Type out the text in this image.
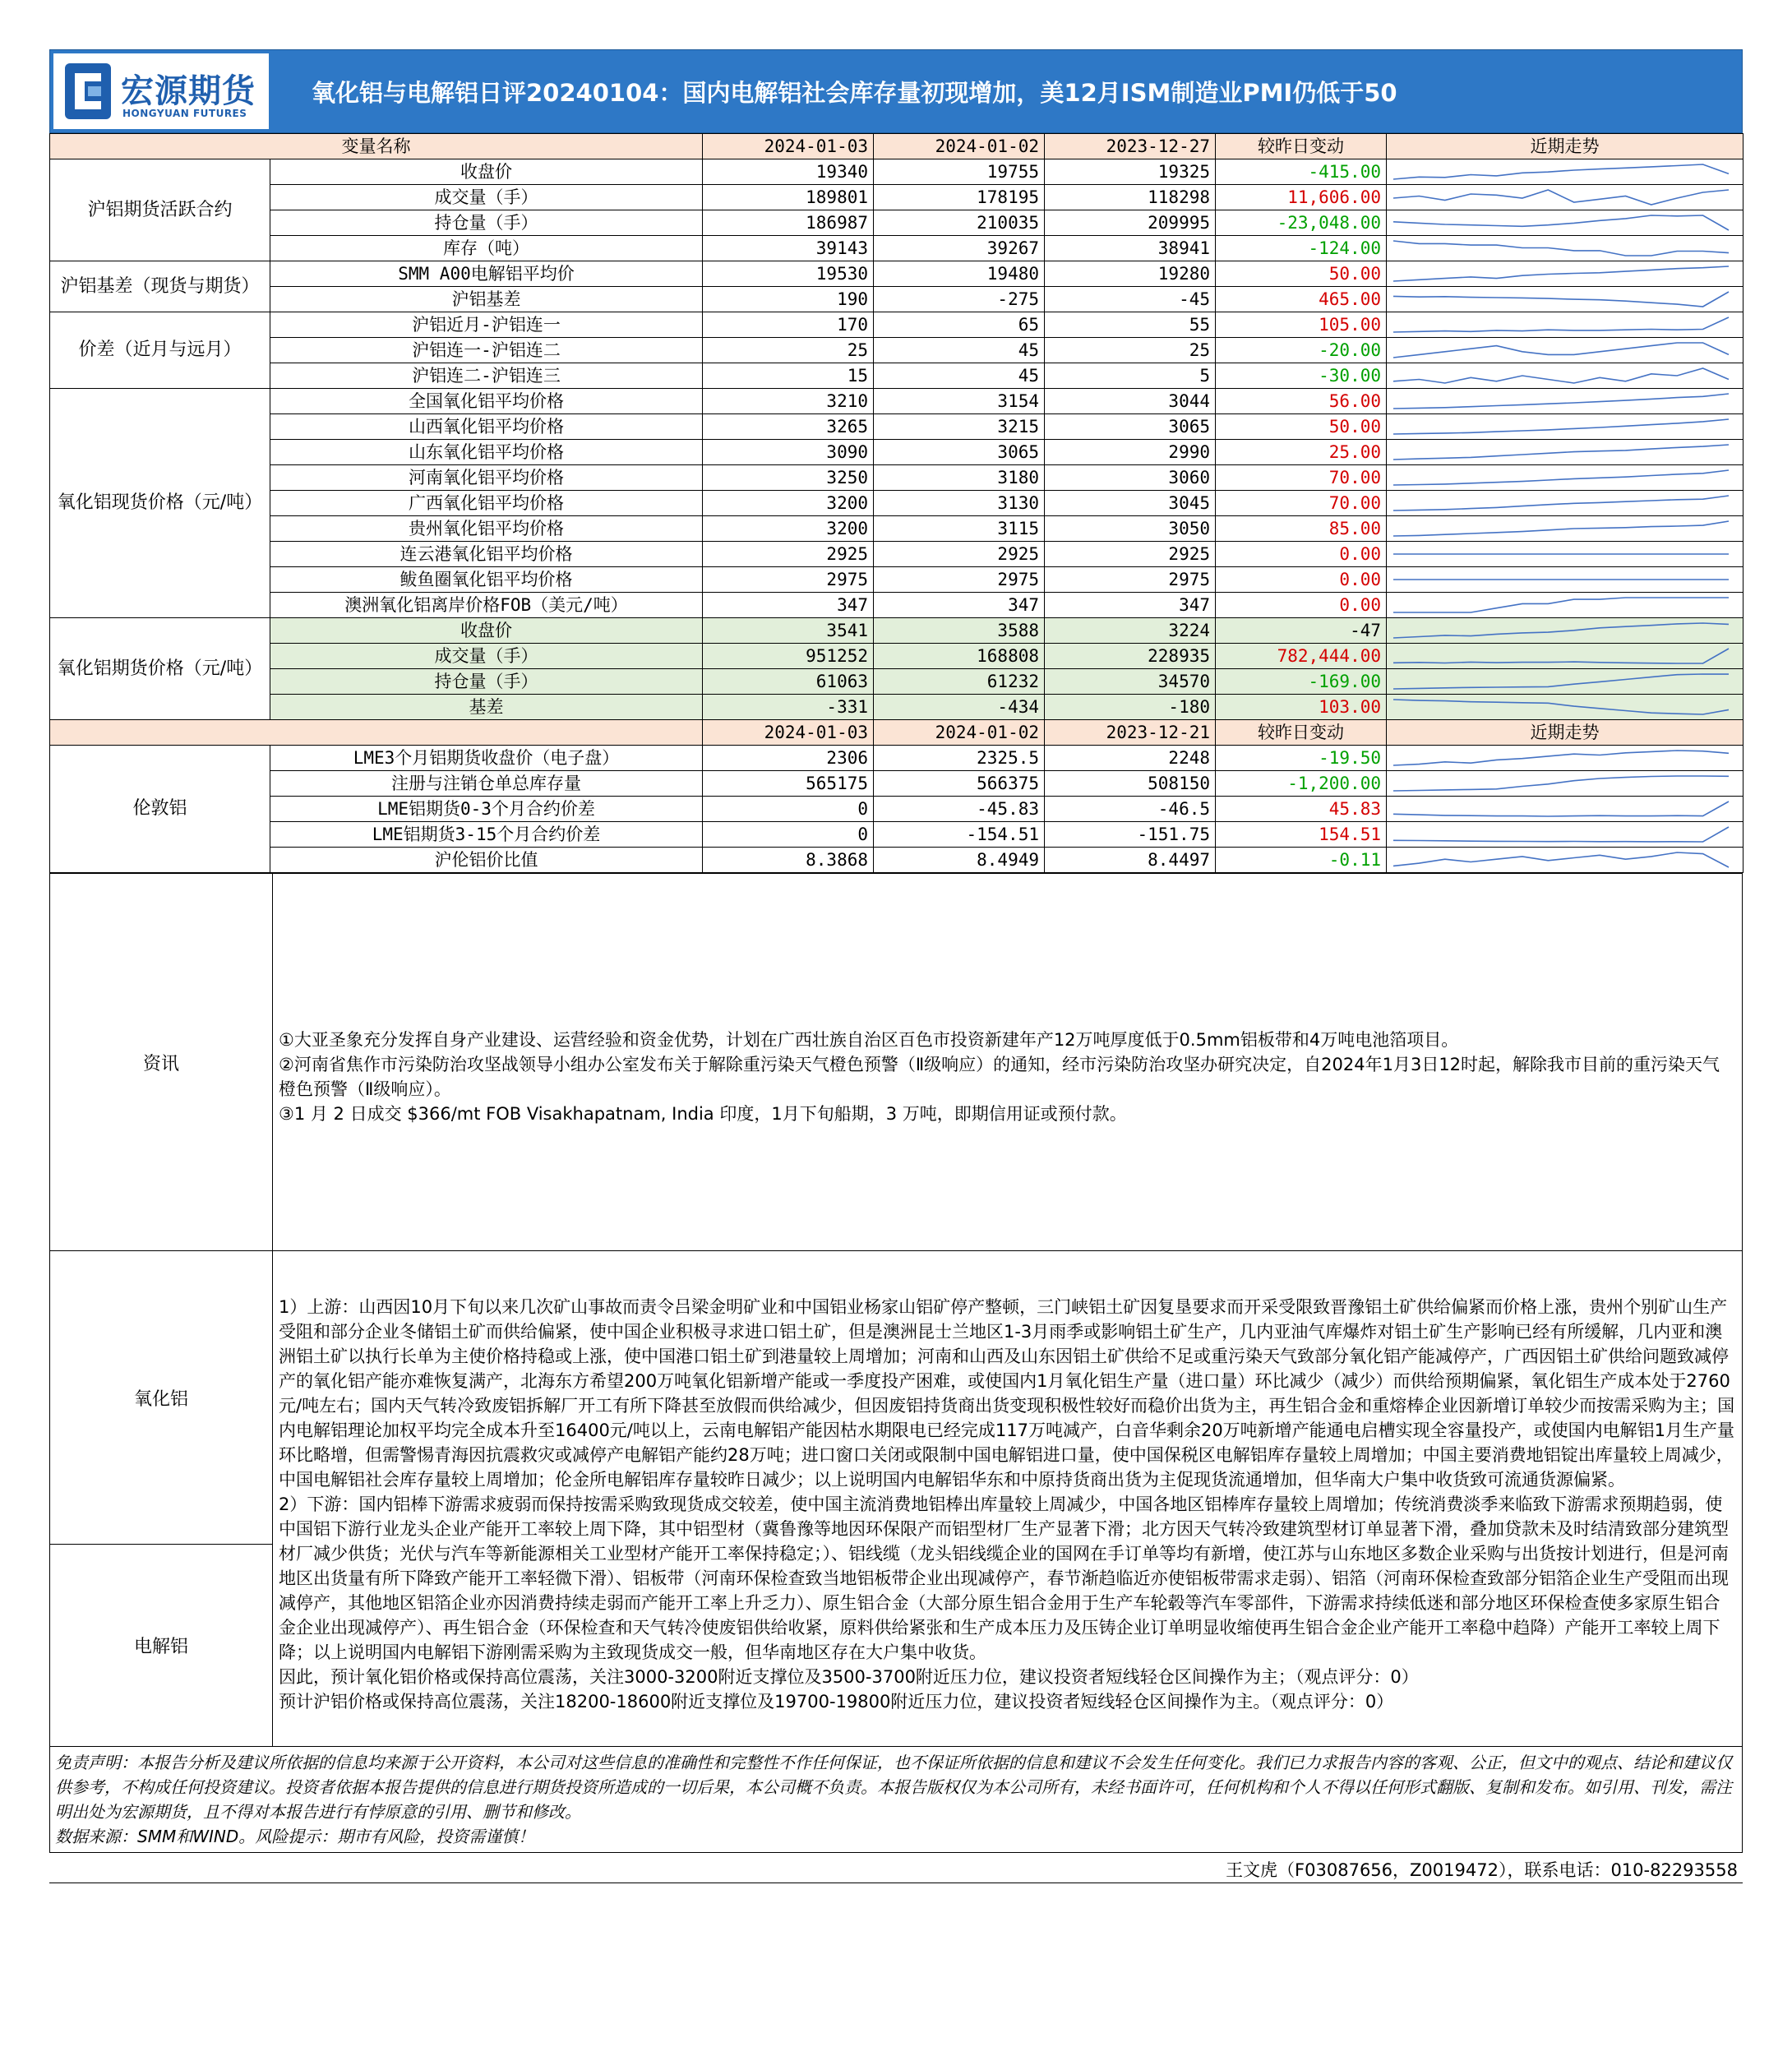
宏源期货
HONGYUAN FUTURES
氧化铝与电解铝日评20240104：国内电解铝社会库存量初现增加，美12月ISM制造业PMI仍低于50
变量名称		2024-01-03	2024-01-02	2023-12-27	较昨日变动	近期走势
沪铝期货活跃合约	收盘价	19340	19755	19325	-415.00	

	成交量（手）	189801	178195	118298	11,606.00	

	持仓量（手）	186987	210035	209995	-23,048.00	

	库存（吨）	39143	39267	38941	-124.00	

沪铝基差（现货与期货）	SMM A00电解铝平均价	19530	19480	19280	50.00	

	沪铝基差	190	-275	-45	465.00	

价差（近月与远月）	沪铝近月-沪铝连一	170	65	55	105.00	

	沪铝连一-沪铝连二	25	45	25	-20.00	

	沪铝连二-沪铝连三	15	45	5	-30.00	

氧化铝现货价格（元/吨）	全国氧化铝平均价格	3210	3154	3044	56.00	

	山西氧化铝平均价格	3265	3215	3065	50.00	

	山东氧化铝平均价格	3090	3065	2990	25.00	

	河南氧化铝平均价格	3250	3180	3060	70.00	

	广西氧化铝平均价格	3200	3130	3045	70.00	

	贵州氧化铝平均价格	3200	3115	3050	85.00	

	连云港氧化铝平均价格	2925	2925	2925	0.00	

	鲅鱼圈氧化铝平均价格	2975	2975	2975	0.00	

	澳洲氧化铝离岸价格FOB（美元/吨）	347	347	347	0.00	

氧化铝期货价格（元/吨）	收盘价	3541	3588	3224	-47	

	成交量（手）	951252	168808	228935	782,444.00	

	持仓量（手）	61063	61232	34570	-169.00	

	基差	-331	-434	-180	103.00	

		2024-01-03	2024-01-02	2023-12-21	较昨日变动	近期走势
伦敦铝	LME3个月铝期货收盘价（电子盘）	2306	2325.5	2248	-19.50	

	注册与注销仓单总库存量	565175	566375	508150	-1,200.00	

	LME铝期货0-3个月合约价差	0	-45.83	-46.5	45.83	

	LME铝期货3-15个月合约价差	0	-154.51	-151.75	154.51	

	沪伦铝价比值	8.3868	8.4949	8.4497	-0.11	
资讯	①大亚圣象充分发挥自身产业建设、运营经验和资金优势，计划在广西壮族自治区百色市投资新建年产12万吨厚度低于0.5mm铝板带和4万吨电池箔项目。
②河南省焦作市污染防治攻坚战领导小组办公室发布关于解除重污染天气橙色预警（Ⅱ级响应）的通知，经市污染防治攻坚办研究决定，自2024年1月3日12时起，解除我市目前的重污染天气橙色预警（Ⅱ级响应）。
③1 月 2 日成交 $366/mt FOB Visakhapatnam, India 印度，1月下旬船期，3 万吨，即期信用证或预付款。

氧化铝	1）上游：山西因10月下旬以来几次矿山事故而责令吕梁金明矿业和中国铝业杨家山铝矿停产整顿，三门峡铝土矿因复垦要求而开采受限致晋豫铝土矿供给偏紧而价格上涨，贵州个别矿山生产受阻和部分企业冬储铝土矿而供给偏紧，使中国企业积极寻求进口铝土矿，但是澳洲昆士兰地区1-3月雨季或影响铝土矿生产，几内亚油气库爆炸对铝土矿生产影响已经有所缓解，几内亚和澳洲铝土矿以执行长单为主使价格持稳或上涨，使中国港口铝土矿到港量较上周增加；河南和山西及山东因铝土矿供给不足或重污染天气致部分氧化铝产能减停产，广西因铝土矿供给问题致减停产的氧化铝产能亦难恢复满产，北海东方希望200万吨氧化铝新增产能或一季度投产困难，或使国内1月氧化铝生产量（进口量）环比减少（减少）而供给预期偏紧，氧化铝生产成本处于2760元/吨左右；国内天气转冷致废铝拆解厂开工有所下降甚至放假而供给减少，但因废铝持货商出货变现积极性较好而稳价出货为主，再生铝合金和重熔棒企业因新增订单较少而按需采购为主；国内电解铝理论加权平均完全成本升至16400元/吨以上，云南电解铝产能因枯水期限电已经完成117万吨减产，白音华剩余20万吨新增产能通电启槽实现全容量投产，或使国内电解铝1月生产量环比略增，但需警惕青海因抗震救灾或减停产电解铝产能约28万吨；进口窗口关闭或限制中国电解铝进口量，使中国保税区电解铝库存量较上周增加；中国主要消费地铝锭出库量较上周减少，中国电解铝社会库存量较上周增加；伦金所电解铝库存量较昨日减少；以上说明国内电解铝华东和中原持货商出货为主促现货流通增加，但华南大户集中收货致可流通货源偏紧。
2）下游：国内铝棒下游需求疲弱而保持按需采购致现货成交较差，使中国主流消费地铝棒出库量较上周减少，中国各地区铝棒库存量较上周增加；传统消费淡季来临致下游需求预期趋弱，使中国铝下游行业龙头企业产能开工率较上周下降，其中铝型材（冀鲁豫等地因环保限产而铝型材厂生产显著下滑；北方因天气转冷致建筑型材订单显著下滑，叠加贷款未及时结清致部分建筑型材厂减少供货；光伏与汽车等新能源相关工业型材产能开工率保持稳定；）、铝线缆（龙头铝线缆企业的国网在手订单等均有新增，使江苏与山东地区多数企业采购与出货按计划进行，但是河南地区出货量有所下降致产能开工率轻微下滑）、铝板带（河南环保检查致当地铝板带企业出现减停产，春节渐趋临近亦使铝板带需求走弱）、铝箔（河南环保检查致部分铝箔企业生产受阻而出现减停产，其他地区铝箔企业亦因消费持续走弱而产能开工率上升乏力）、原生铝合金（大部分原生铝合金用于生产车轮毂等汽车零部件，下游需求持续低迷和部分地区环保检查使多家原生铝合金企业出现减停产）、再生铝合金（环保检查和天气转冷使废铝供给收紧，原料供给紧张和生产成本压力及压铸企业订单明显收缩使再生铝合金企业产能开工率稳中趋降）产能开工率较上周下降；以上说明国内电解铝下游刚需采购为主致现货成交一般，但华南地区存在大户集中收货。
因此，预计氧化铝价格或保持高位震荡，关注3000-3200附近支撑位及3500-3700附近压力位，建议投资者短线轻仓区间操作为主；（观点评分：0）
预计沪铝价格或保持高位震荡，关注18200-18600附近支撑位及19700-19800附近压力位，建议投资者短线轻仓区间操作为主。（观点评分：0）

电解铝	
免责声明：本报告分析及建议所依据的信息均来源于公开资料，本公司对这些信息的准确性和完整性不作任何保证，也不保证所依据的信息和建议不会发生任何变化。我们已力求报告内容的客观、公正，但文中的观点、结论和建议仅供参考，不构成任何投资建议。投资者依据本报告提供的信息进行期货投资所造成的一切后果，本公司概不负责。本报告版权仅为本公司所有，未经书面许可，任何机构和个人不得以任何形式翻版、复制和发布。如引用、刊发，需注明出处为宏源期货，且不得对本报告进行有悖原意的引用、删节和修改。
数据来源：SMM和WIND。风险提示：期市有风险，投资需谨慎！
王文虎（F03087656，Z0019472），联系电话：010-82293558
